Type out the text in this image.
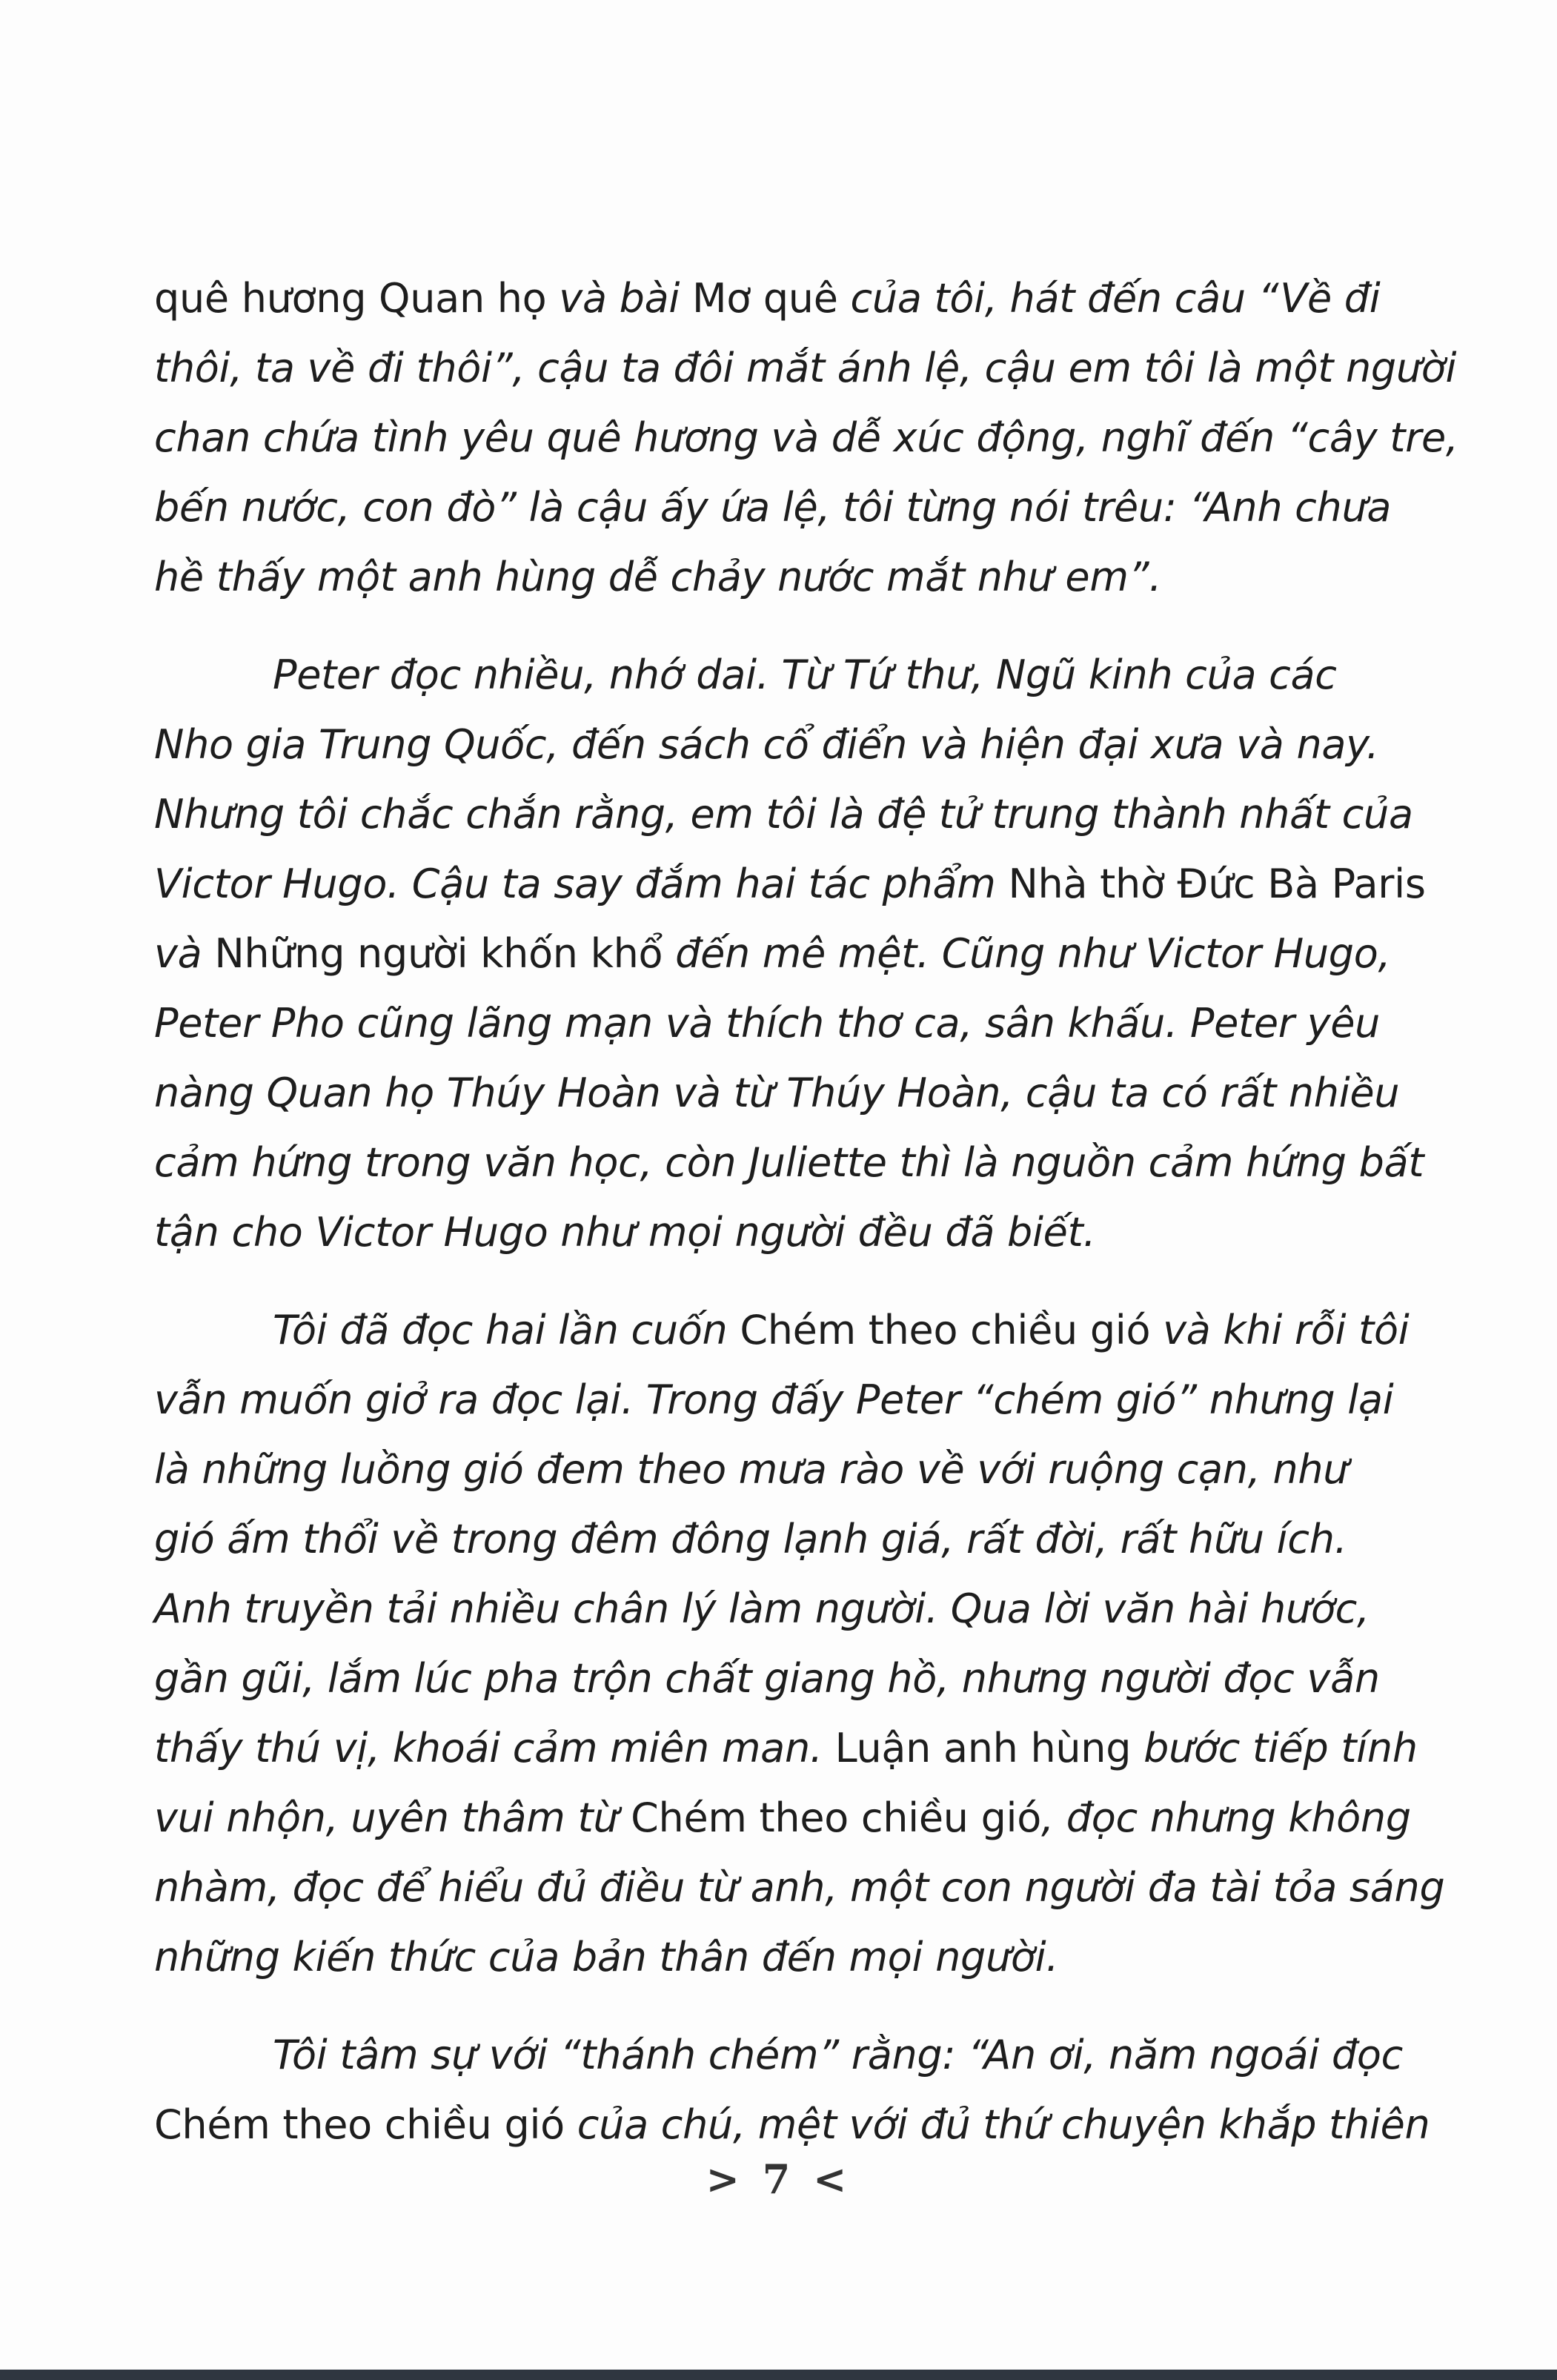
quê hương Quan họ và bài Mơ quê của tôi, hát đến câu “Về đi
thôi, ta về đi thôi”, cậu ta đôi mắt ánh lệ, cậu em tôi là một người
chan chứa tình yêu quê hương và dễ xúc động, nghĩ đến “cây tre,
bến nước, con đò” là cậu ấy ứa lệ, tôi từng nói trêu: “Anh chưa
hề thấy một anh hùng dễ chảy nước mắt như em”.
Peter đọc nhiều, nhớ dai. Từ Tứ thư, Ngũ kinh của các
Nho gia Trung Quốc, đến sách cổ điển và hiện đại xưa và nay.
Nhưng tôi chắc chắn rằng, em tôi là đệ tử trung thành nhất của
Victor Hugo. Cậu ta say đắm hai tác phẩm Nhà thờ Đức Bà Paris
và Những người khốn khổ đến mê mệt. Cũng như Victor Hugo,
Peter Pho cũng lãng mạn và thích thơ ca, sân khấu. Peter yêu
nàng Quan họ Thúy Hoàn và từ Thúy Hoàn, cậu ta có rất nhiều
cảm hứng trong văn học, còn Juliette thì là nguồn cảm hứng bất
tận cho Victor Hugo như mọi người đều đã biết.
Tôi đã đọc hai lần cuốn Chém theo chiều gió và khi rỗi tôi
vẫn muốn giở ra đọc lại. Trong đấy Peter “chém gió” nhưng lại
là những luồng gió đem theo mưa rào về với ruộng cạn, như
gió ấm thổi về trong đêm đông lạnh giá, rất đời, rất hữu ích.
Anh truyền tải nhiều chân lý làm người. Qua lời văn hài hước,
gần gũi, lắm lúc pha trộn chất giang hồ, nhưng người đọc vẫn
thấy thú vị, khoái cảm miên man. Luận anh hùng bước tiếp tính
vui nhộn, uyên thâm từ Chém theo chiều gió, đọc nhưng không
nhàm, đọc để hiểu đủ điều từ anh, một con người đa tài tỏa sáng
những kiến thức của bản thân đến mọi người.
Tôi tâm sự với “thánh chém” rằng: “An ơi, năm ngoái đọc
Chém theo chiều gió của chú, mệt với đủ thứ chuyện khắp thiên
> 7 <
